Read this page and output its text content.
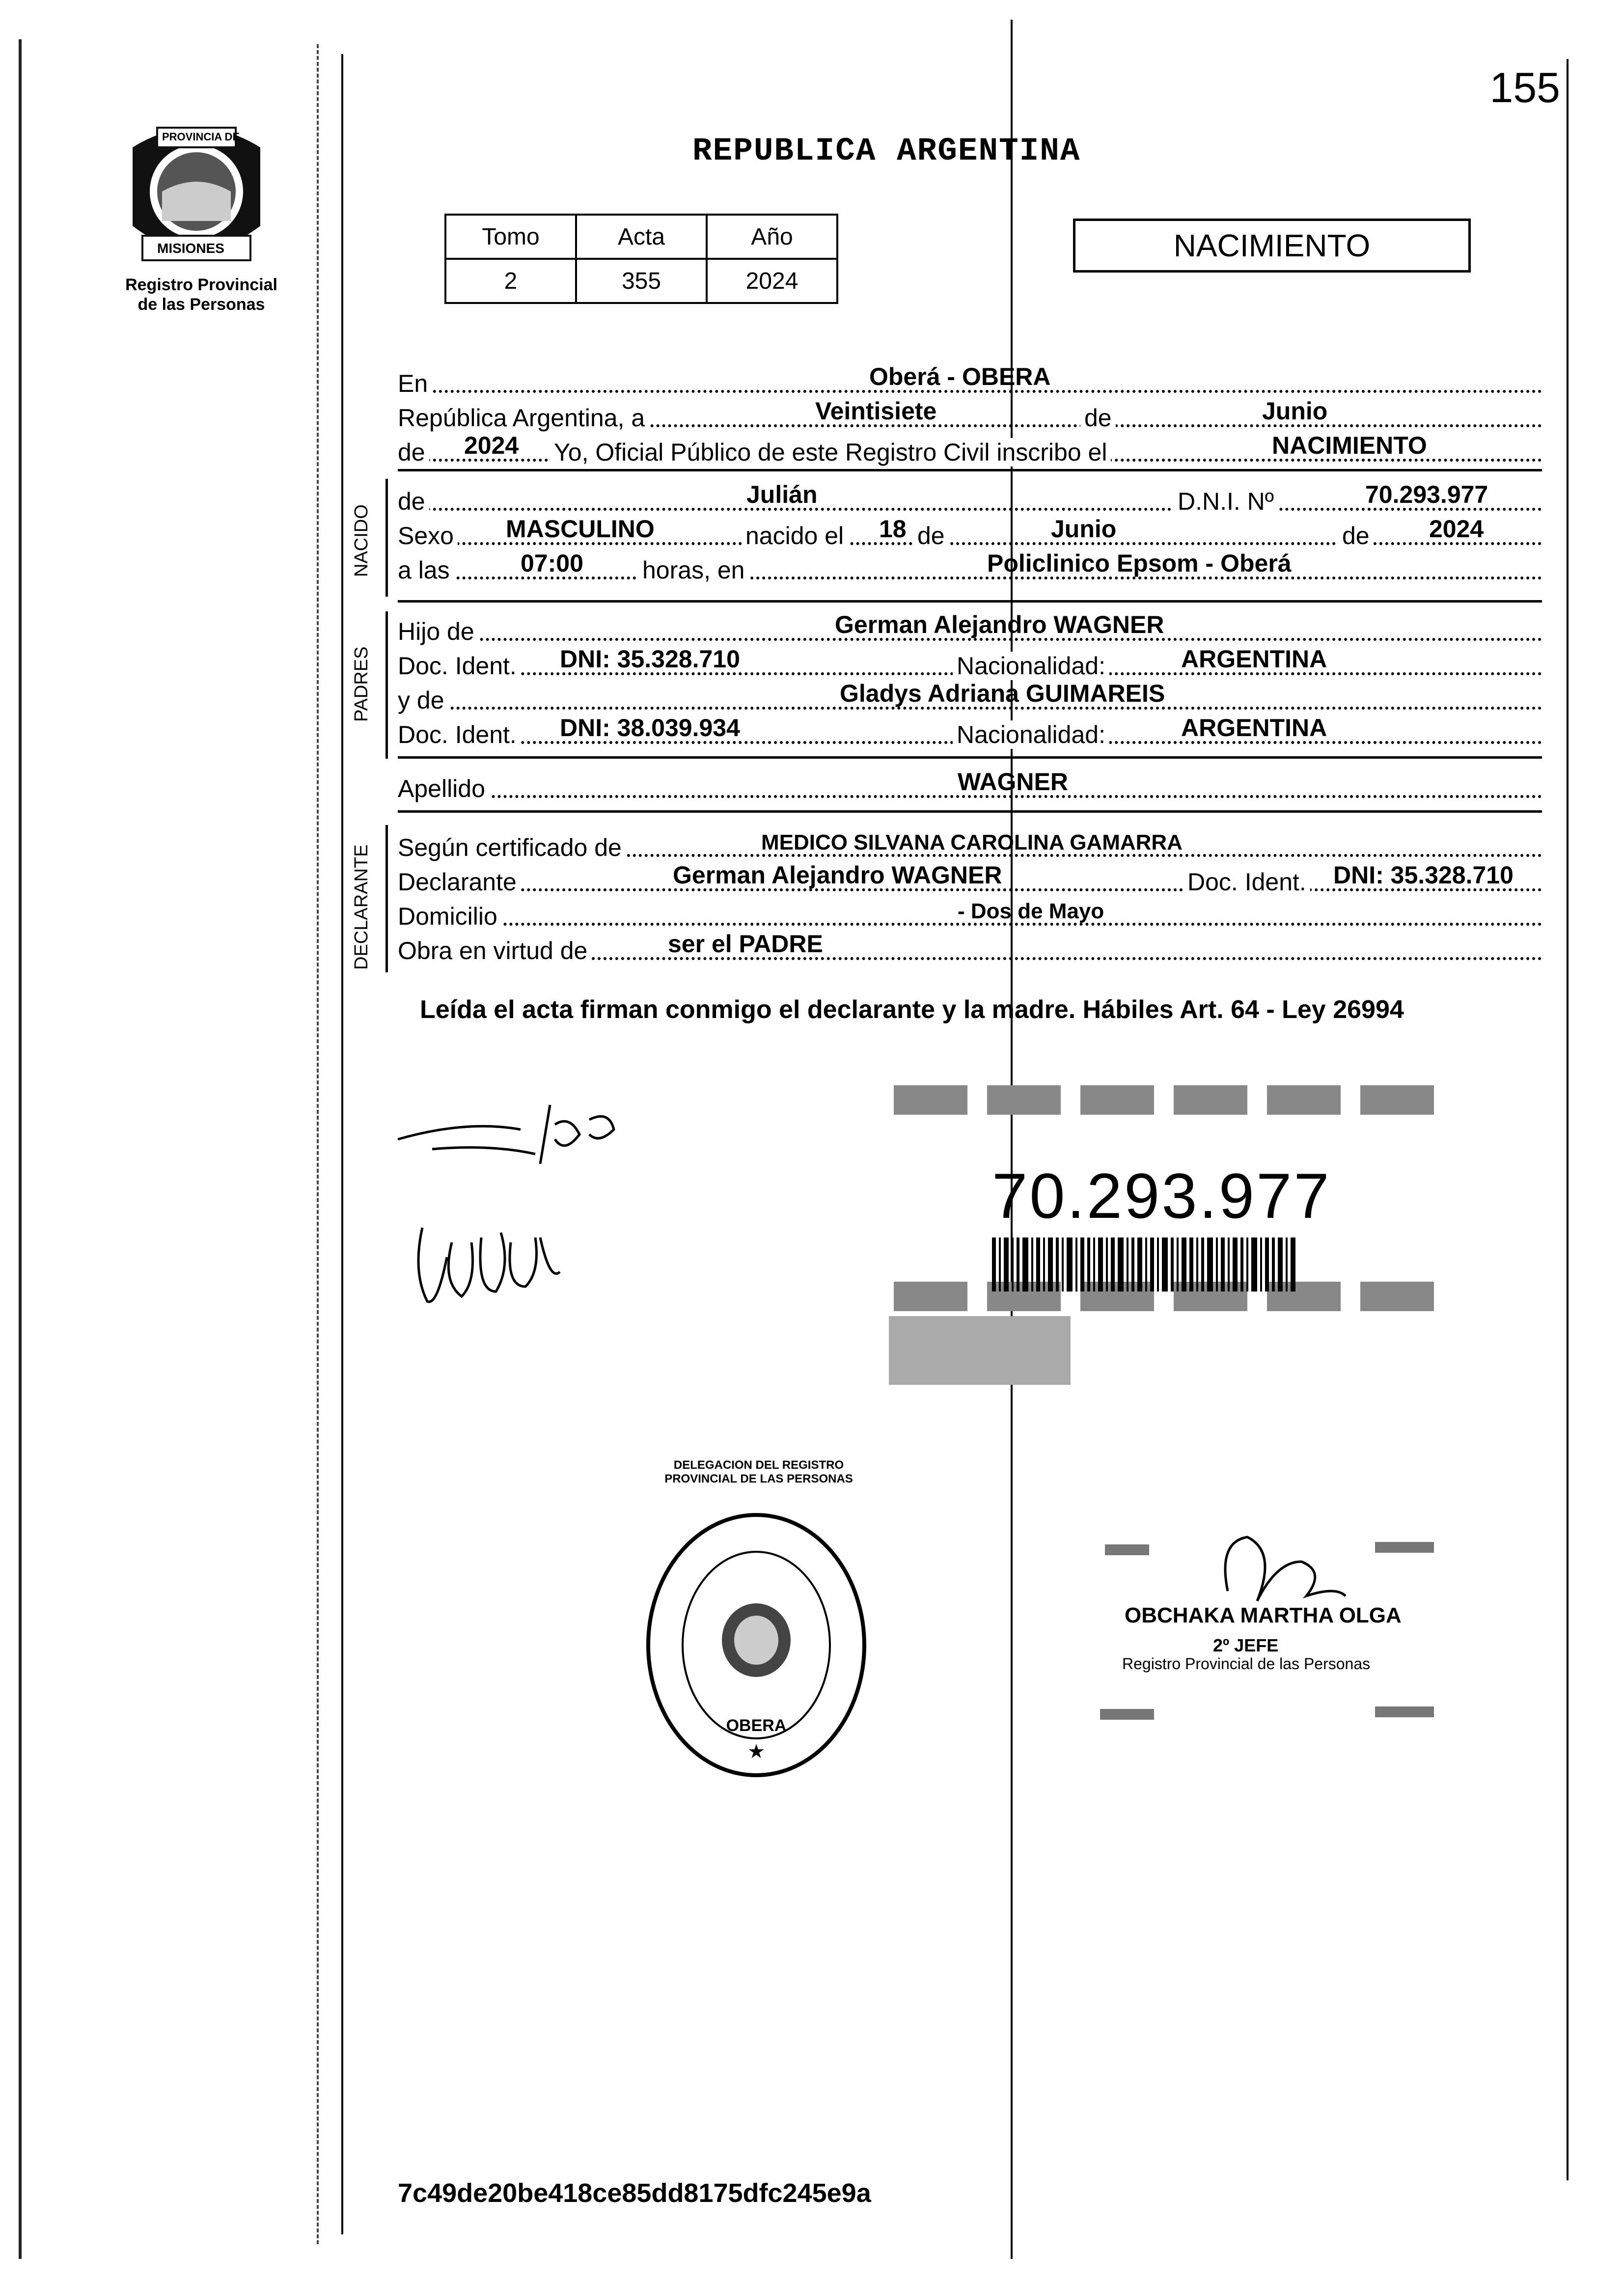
PROVINCIA DE
MISIONES
Registro Provincial
de las Personas
155
REPUBLICA ARGENTINA
Tomo	Acta	Año
2	355	2024
NACIMIENTO
En	Oberá - OBERA
República Argentina, a	Veintisiete	de	Junio
de 2024 Yo, Oficial Público de este Registro Civil inscribo el	NACIMIENTO
NACIDO
de	Julián	D.N.I. Nº	70.293.977
Sexo MASCULINO	nacido el 18 de	Junio	de 2024
a las	07:00 horas, en	Policlinico Epsom - Oberá
PADRES
Hijo de	German Alejandro WAGNER
Doc. Ident. DNI: 35.328.710	Nacionalidad:	ARGENTINA
y de	Gladys Adriana GUIMAREIS
Doc. Ident. DNI: 38.039.934	Nacionalidad:	ARGENTINA
Apellido	WAGNER
DECLARANTE Según certificado de	MEDICO SILVANA CAROLINA GAMARRA
Declarante	German Alejandro WAGNER	Doc. Ident. DNI: 35.328.710
Domicilio	- Dos de Mayo
Obra en virtud de	ser el PADRE
Leída el acta firman conmigo el declarante y la madre. Hábiles Art. 64 - Ley 26994
70.293.977
OBERA
★
DELEGACION DEL REGISTRO PROVINCIAL DE LAS PERSONAS
OBCHAKA MARTHA OLGA
2º JEFE
Registro Provincial de las Personas
7c49de20be418ce85dd8175dfc245e9a
